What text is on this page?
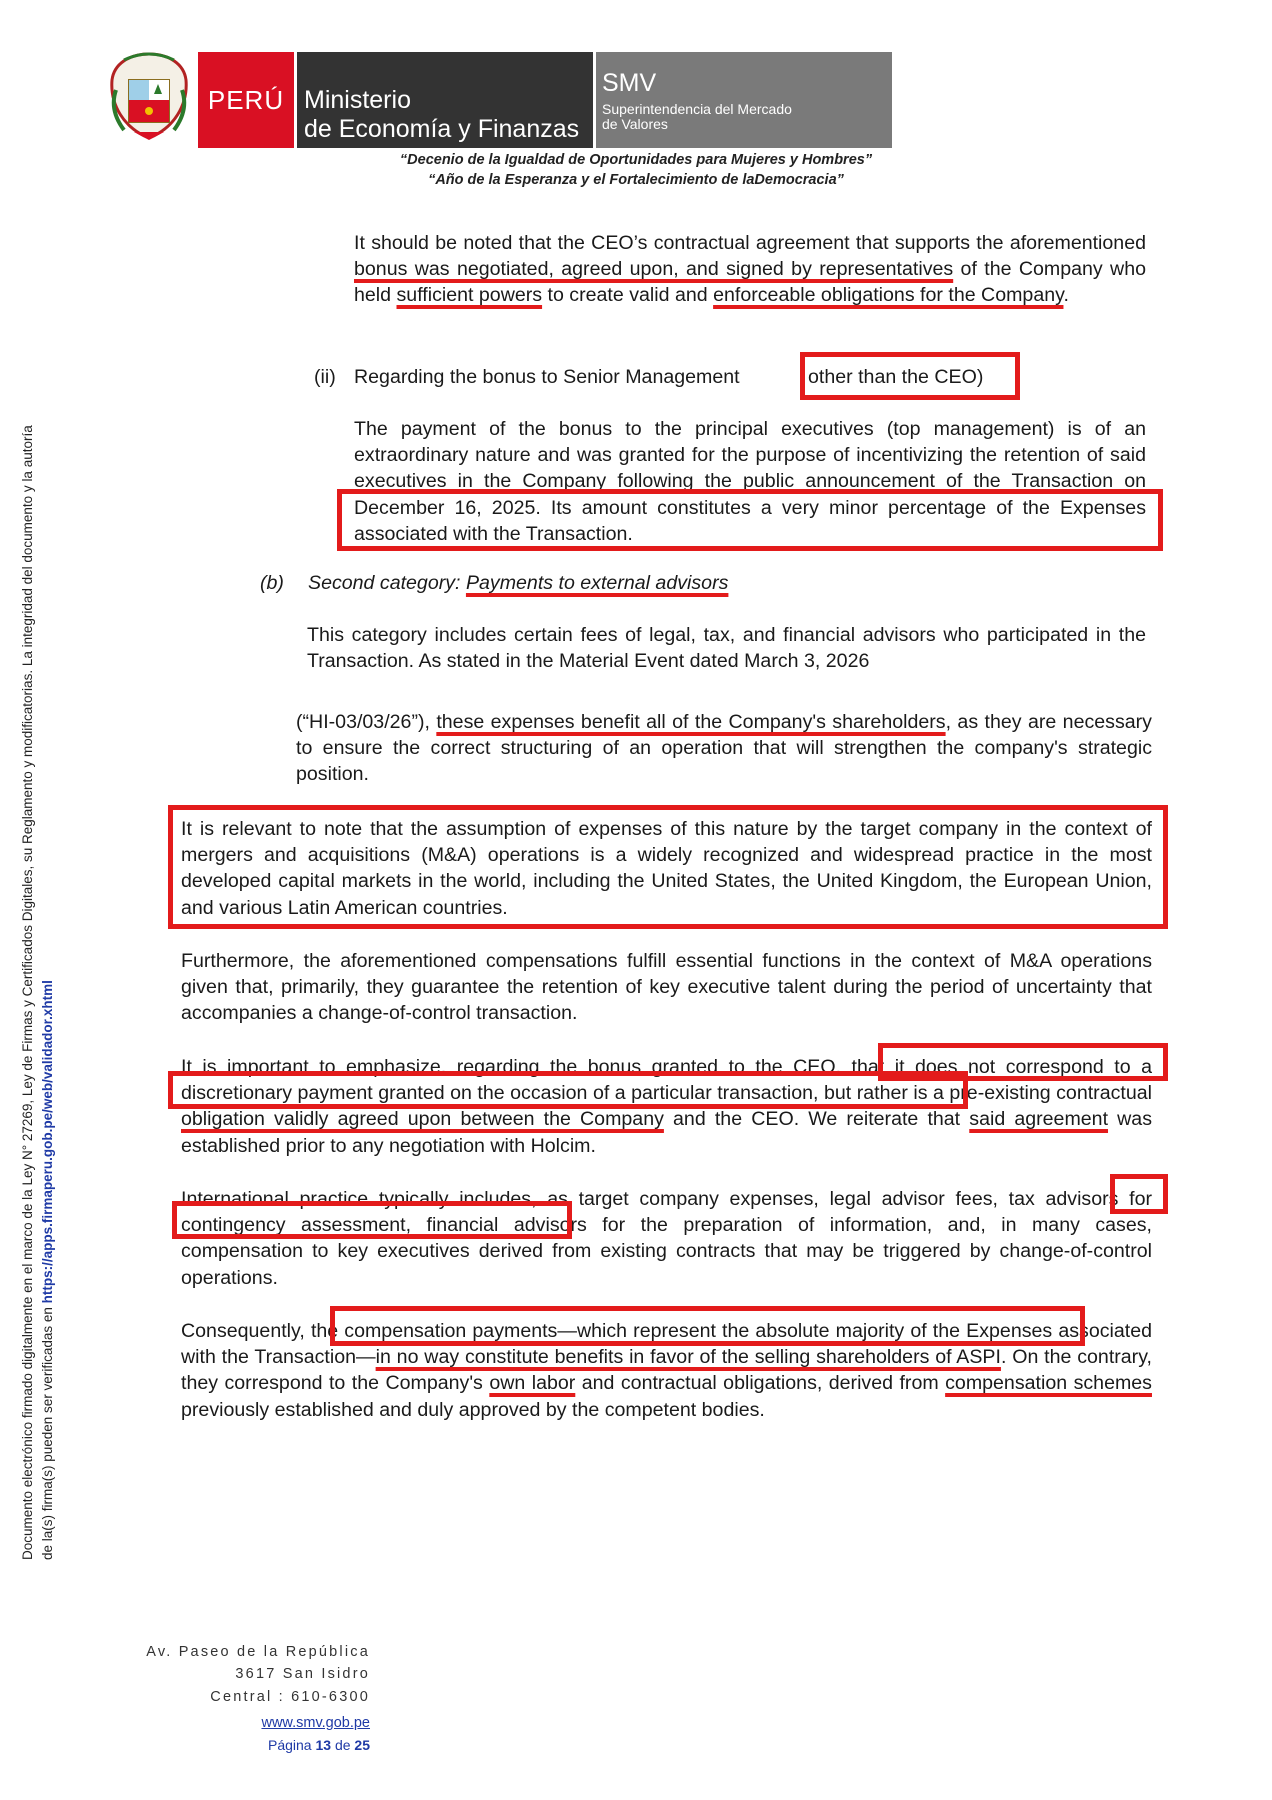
PERÚ Ministerio
de Economía y Finanzas
SMV
Superintendencia del Mercado
de Valores
“Decenio de la Igualdad de Oportunidades para Mujeres y Hombres”
“Año de la Esperanza y el Fortalecimiento de laDemocracia”
Documento electrónico firmado digitalmente en el marco de la Ley N° 27269, Ley de Firmas y Certificados Digitales, su Reglamento y modificatorias. La integridad del documento y la autoría de la(s) firma(s) pueden ser verificadas en https://apps.firmaperu.gob.pe/web/validador.xhtml
It should be noted that the CEO’s contractual agreement that supports the aforementioned bonus was negotiated, agreed upon, and signed by representatives of the Company who held sufficient powers to create valid and enforceable obligations for the Company.
(ii) Regarding the bonus to Senior Management	other than the CEO)
The payment of the bonus to the principal executives (top management) is of an extraordinary nature and was granted for the purpose of incentivizing the retention of said executives in the Company following the public announcement of the Transaction on December 16, 2025. Its amount constitutes a very minor percentage of the Expenses associated with the Transaction.
(b)	Second category: Payments to external advisors
This category includes certain fees of legal, tax, and financial advisors who participated in the Transaction. As stated in the Material Event dated March 3, 2026
(“HI-03/03/26”), these expenses benefit all of the Company's shareholders, as they are necessary to ensure the correct structuring of an operation that will strengthen the company's strategic position.
It is relevant to note that the assumption of expenses of this nature by the target company in the context of mergers and acquisitions (M&A) operations is a widely recognized and widespread practice in the most developed capital markets in the world, including the United States, the United Kingdom, the European Union, and various Latin American countries.
Furthermore, the aforementioned compensations fulfill essential functions in the context of M&A operations given that, primarily, they guarantee the retention of key executive talent during the period of uncertainty that accompanies a change-of-control transaction.
It is important to emphasize, regarding the bonus granted to the CEO, that it does not correspond to a discretionary payment granted on the occasion of a particular transaction, but rather is a pre-existing contractual obligation validly agreed upon between the Company and the CEO. We reiterate that said agreement was established prior to any negotiation with Holcim.
International practice typically includes, as target company expenses, legal advisor fees, tax advisors for contingency assessment, financial advisors for the preparation of information, and, in many cases, compensation to key executives derived from existing contracts that may be triggered by change-of-control operations.
Consequently, the compensation payments—which represent the absolute majority of the Expenses associated with the Transaction—in no way constitute benefits in favor of the selling shareholders of ASPI. On the contrary, they correspond to the Company's own labor and contractual obligations, derived from compensation schemes previously established and duly approved by the competent bodies.
Av. Paseo de la República
3617 San Isidro
Central : 610-6300
www.smv.gob.pe
Página 13 de 25
